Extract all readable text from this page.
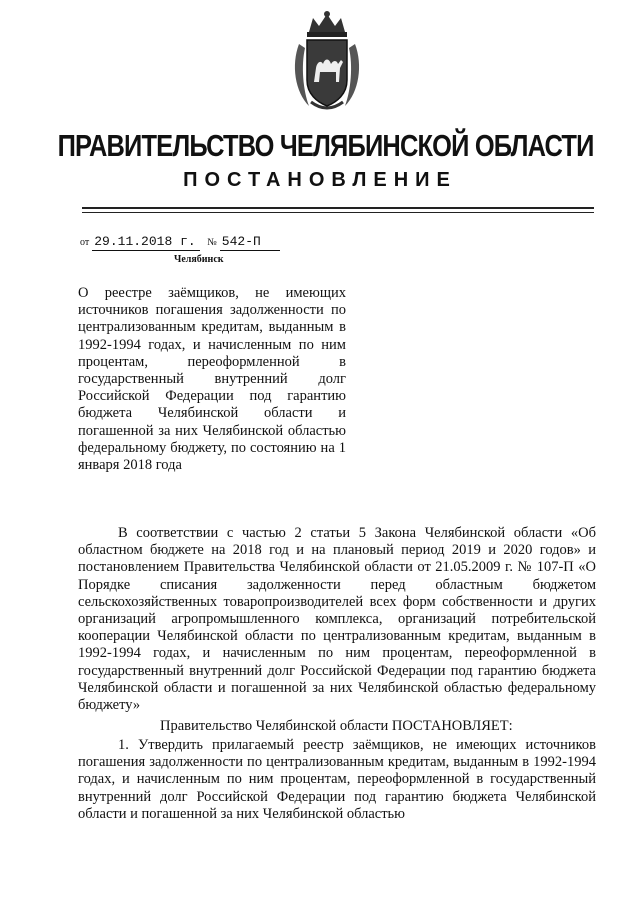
ПРАВИТЕЛЬСТВО ЧЕЛЯБИНСКОЙ ОБЛАСТИ
ПОСТАНОВЛЕНИЕ
от 29.11.2018 г. № 542-П
Челябинск
О реестре заёмщиков, не имеющих источников погашения задолженности по централизованным кредитам, выданным в 1992-1994 годах, и начисленным по ним процентам, переоформленной в государственный внутренний долг Российской Федерации под гарантию бюджета Челябинской области и погашенной за них Челябинской областью федеральному бюджету, по состоянию на 1 января 2018 года

В соответствии с частью 2 статьи 5 Закона Челябинской области «Об областном бюджете на 2018 год и на плановый период 2019 и 2020 годов» и постановлением Правительства Челябинской области от 21.05.2009 г. № 107-П «О Порядке списания задолженности перед областным бюджетом сельскохозяйственных товаропроизводителей всех форм собственности и других организаций агропромышленного комплекса, организаций потребительской кооперации Челябинской области по централизованным кредитам, выданным в 1992-1994 годах, и начисленным по ним процентам, переоформленной в государственный внутренний долг Российской Федерации под гарантию бюджета Челябинской области и погашенной за них Челябинской областью федеральному бюджету»

Правительство Челябинской области ПОСТАНОВЛЯЕТ:

1. Утвердить прилагаемый реестр заёмщиков, не имеющих источников погашения задолженности по централизованным кредитам, выданным в 1992-1994 годах, и начисленным по ним процентам, переоформленной в государственный внутренний долг Российской Федерации под гарантию бюджета Челябинской области и погашенной за них Челябинской областью
